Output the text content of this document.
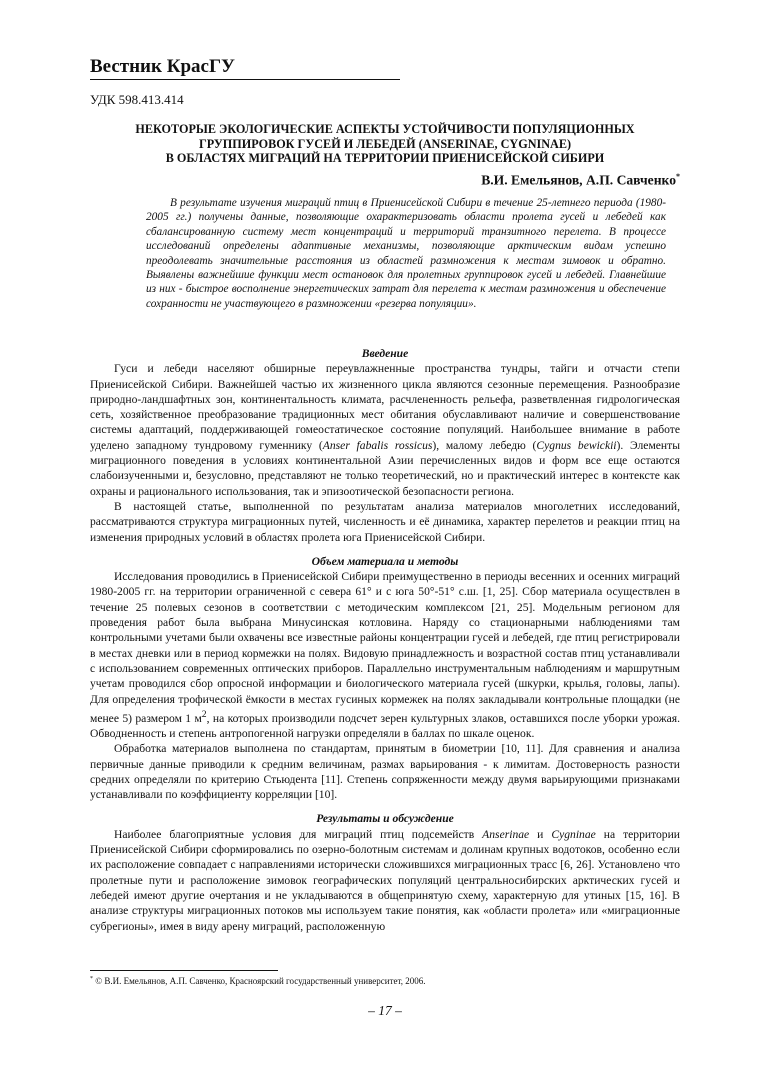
Вестник КрасГУ
УДК 598.413.414
НЕКОТОРЫЕ ЭКОЛОГИЧЕСКИЕ АСПЕКТЫ УСТОЙЧИВОСТИ ПОПУЛЯЦИОННЫХ
ГРУППИРОВОК ГУСЕЙ И ЛЕБЕДЕЙ (ANSERINAE, CYGNINAE)
В ОБЛАСТЯХ МИГРАЦИЙ НА ТЕРРИТОРИИ ПРИЕНИСЕЙСКОЙ СИБИРИ
В.И. Емельянов, А.П. Савченко*

В результате изучения миграций птиц в Приенисейской Сибири в течение 25-летнего периода (1980-2005 гг.) получены данные, позволяющие охарактеризовать области пролета гусей и лебедей как сбалансированную систему мест концентраций и территорий транзитного перелета. В процессе исследований определены адаптивные механизмы, позволяющие арктическим видам успешно преодолевать значительные расстояния из областей размножения к местам зимовок и обратно. Выявлены важнейшие функции мест остановок для пролетных группировок гусей и лебедей. Главнейшие из них - быстрое восполнение энергетических затрат для перелета к местам размножения и обеспечение сохранности не участвующего в размножении «резерва популяции».

Введение

Гуси и лебеди населяют обширные переувлажненные пространства тундры, тайги и отчасти степи Приенисейской Сибири. Важнейшей частью их жизненного цикла являются сезонные перемещения. Разнообразие природно-ландшафтных зон, континентальность климата, расчлененность рельефа, разветвленная гидрологическая сеть, хозяйственное преобразование традиционных мест обитания обуславливают наличие и совершенствование системы адаптаций, поддерживающей гомеостатическое состояние популяций. Наибольшее внимание в работе уделено западному тундровому гуменнику (Anser fabalis rossicus), малому лебедю (Cygnus bewickii). Элементы миграционного поведения в условиях континентальной Азии перечисленных видов и форм все еще остаются слабоизученными и, безусловно, представляют не только теоретический, но и практический интерес в контексте как охраны и рационального использования, так и эпизоотической безопасности региона.

В настоящей статье, выполненной по результатам анализа материалов многолетних исследований, рассматриваются структура миграционных путей, численность и её динамика, характер перелетов и реакции птиц на изменения природных условий в областях пролета юга Приенисейской Сибири.

Объем материала и методы

Исследования проводились в Приенисейской Сибири преимущественно в периоды весенних и осенних миграций 1980-2005 гг. на территории ограниченной с севера 61° и с юга 50°-51° с.ш. [1, 25]. Сбор материала осуществлен в течение 25 полевых сезонов в соответствии с методическим комплексом [21, 25]. Модельным регионом для проведения работ была выбрана Минусинская котловина. Наряду со стационарными наблюдениями там контрольными учетами были охвачены все известные районы концентрации гусей и лебедей, где птиц регистрировали в местах дневки или в период кормежки на полях. Видовую принадлежность и возрастной состав птиц устанавливали с использованием современных оптических приборов. Параллельно инструментальным наблюдениям и маршрутным учетам проводился сбор опросной информации и биологического материала гусей (шкурки, крылья, головы, лапы). Для определения трофической ёмкости в местах гусиных кормежек на полях закладывали контрольные площадки (не менее 5) размером 1 $м^2$, на которых производили подсчет зерен культурных злаков, оставшихся после уборки урожая. Обводненность и степень антропогенной нагрузки определяли в баллах по шкале оценок.

Обработка материалов выполнена по стандартам, принятым в биометрии [10, 11]. Для сравнения и анализа первичные данные приводили к средним величинам, размах варьирования - к лимитам. Достоверность разности средних определяли по критерию Стьюдента [11]. Степень сопряженности между двумя варьирующими признаками устанавливали по коэффициенту корреляции [10].

Результаты и обсуждение

Наиболее благоприятные условия для миграций птиц подсемейств Anserinae и Cygninae на территории Приенисейской Сибири сформировались по озерно-болотным системам и долинам крупных водотоков, особенно если их расположение совпадает с направлениями исторически сложившихся миграционных трасс [6, 26]. Установлено что пролетные пути и расположение зимовок географических популяций центральносибирских арктических гусей и лебедей имеют другие очертания и не укладываются в общепринятую схему, характерную для утиных [15, 16]. В анализе структуры миграционных потоков мы используем такие понятия, как «области пролета» или «миграционные субрегионы», имея в виду арену миграций, расположенную

* © В.И. Емельянов, А.П. Савченко, Красноярский государственный университет, 2006.
– 17 –
